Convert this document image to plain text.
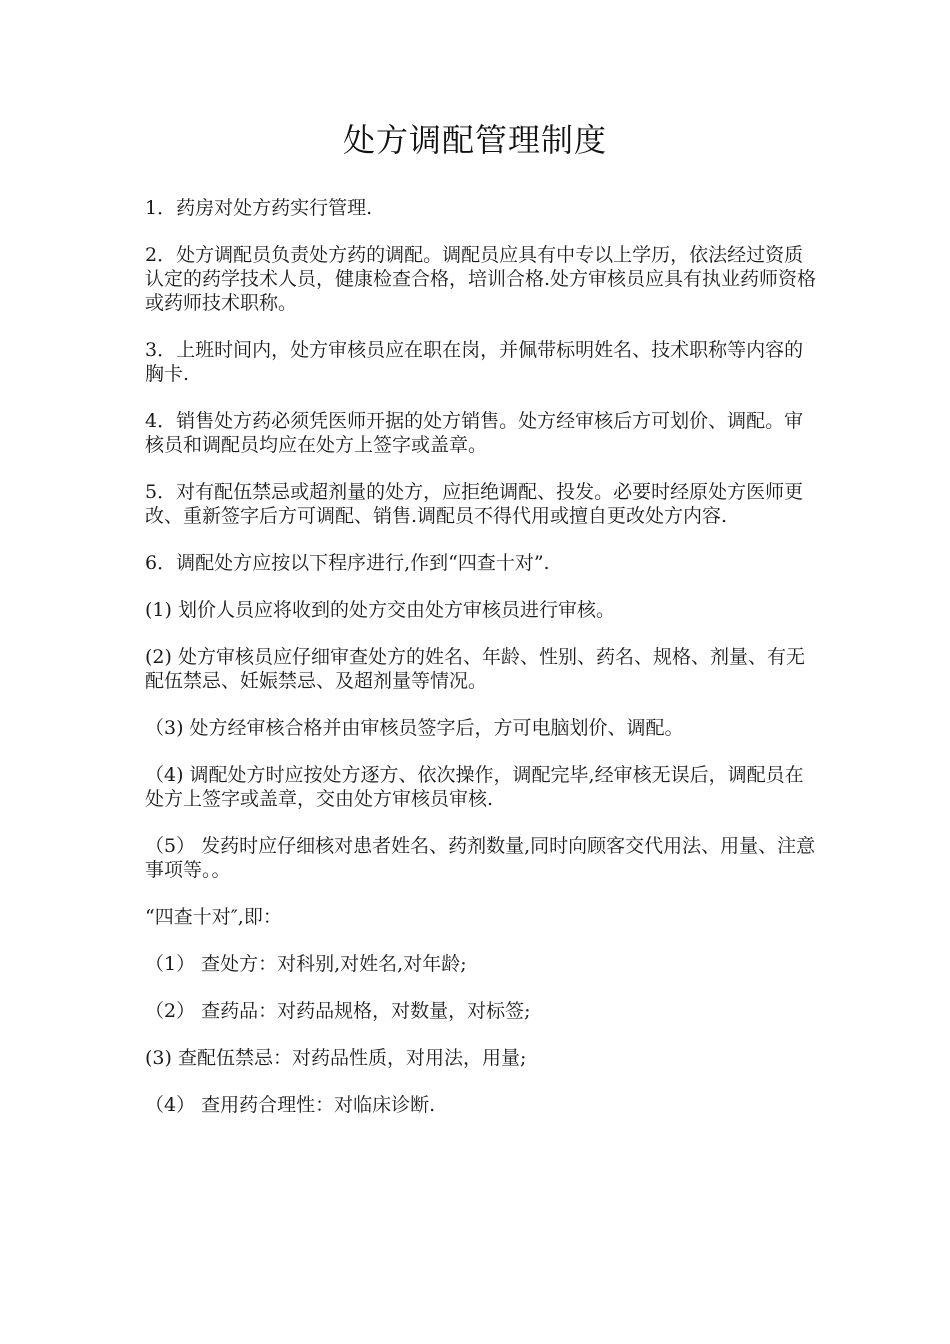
处方调配管理制度

1．药房对处方药实行管理.

2．处方调配员负责处方药的调配。调配员应具有中专以上学历，依法经过资质认定的药学技术人员，健康检查合格，培训合格.处方审核员应具有执业药师资格或药师技术职称。

3．上班时间内，处方审核员应在职在岗，并佩带标明姓名、技术职称等内容的胸卡.

4．销售处方药必须凭医师开据的处方销售。处方经审核后方可划价、调配。审核员和调配员均应在处方上签字或盖章。

5．对有配伍禁忌或超剂量的处方，应拒绝调配、投发。必要时经原处方医师更改、重新签字后方可调配、销售.调配员不得代用或擅自更改处方内容.

6．调配处方应按以下程序进行,作到“四查十对”.

(1) 划价人员应将收到的处方交由处方审核员进行审核。

(2) 处方审核员应仔细审查处方的姓名、年龄、性别、药名、规格、剂量、有无配伍禁忌、妊娠禁忌、及超剂量等情况。

（3) 处方经审核合格并由审核员签字后，方可电脑划价、调配。

（4) 调配处方时应按处方逐方、依次操作，调配完毕,经审核无误后，调配员在处方上签字或盖章，交由处方审核员审核.

（5） 发药时应仔细核对患者姓名、药剂数量,同时向顾客交代用法、用量、注意事项等。。

“四查十对″,即：

（1） 查处方：对科别,对姓名,对年龄;

（2） 查药品：对药品规格，对数量，对标签;

(3) 查配伍禁忌：对药品性质，对用法，用量;

（4） 查用药合理性：对临床诊断.
